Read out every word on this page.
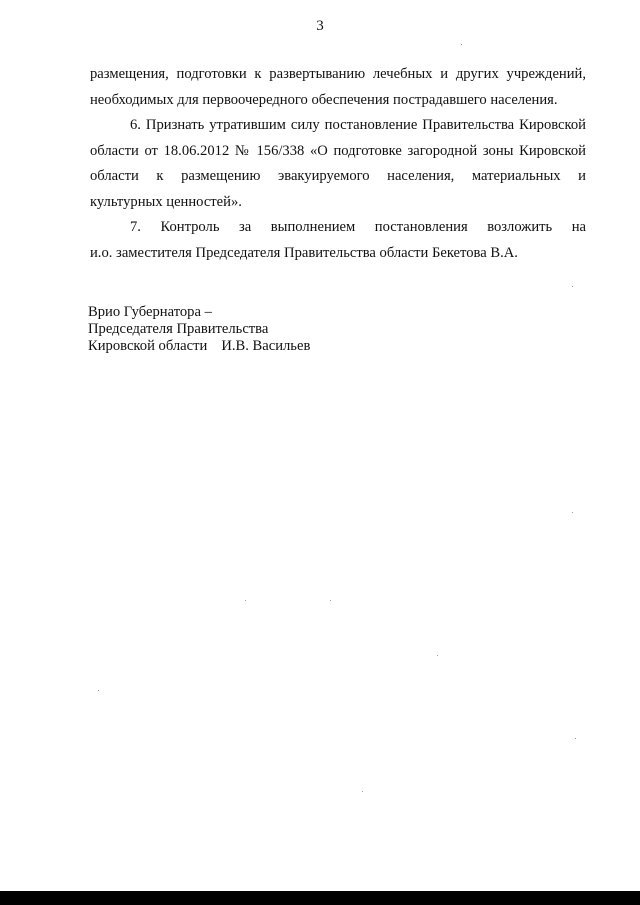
3

размещения, подготовки к развертыванию лечебных и других учреждений,
необходимых для первоочередного обеспечения пострадавшего населения.

6. Признать утратившим силу постановление Правительства Кировской
области от 18.06.2012 № 156/338 «О подготовке загородной зоны Кировской
области к размещению эвакуируемого населения, материальных и
культурных ценностей».

7. Контроль за выполнением постановления возложить на
и.о. заместителя Председателя Правительства области Бекетова В.А.

Врио Губернатора –
Председателя Правительства
Кировской области И.В. Васильев
